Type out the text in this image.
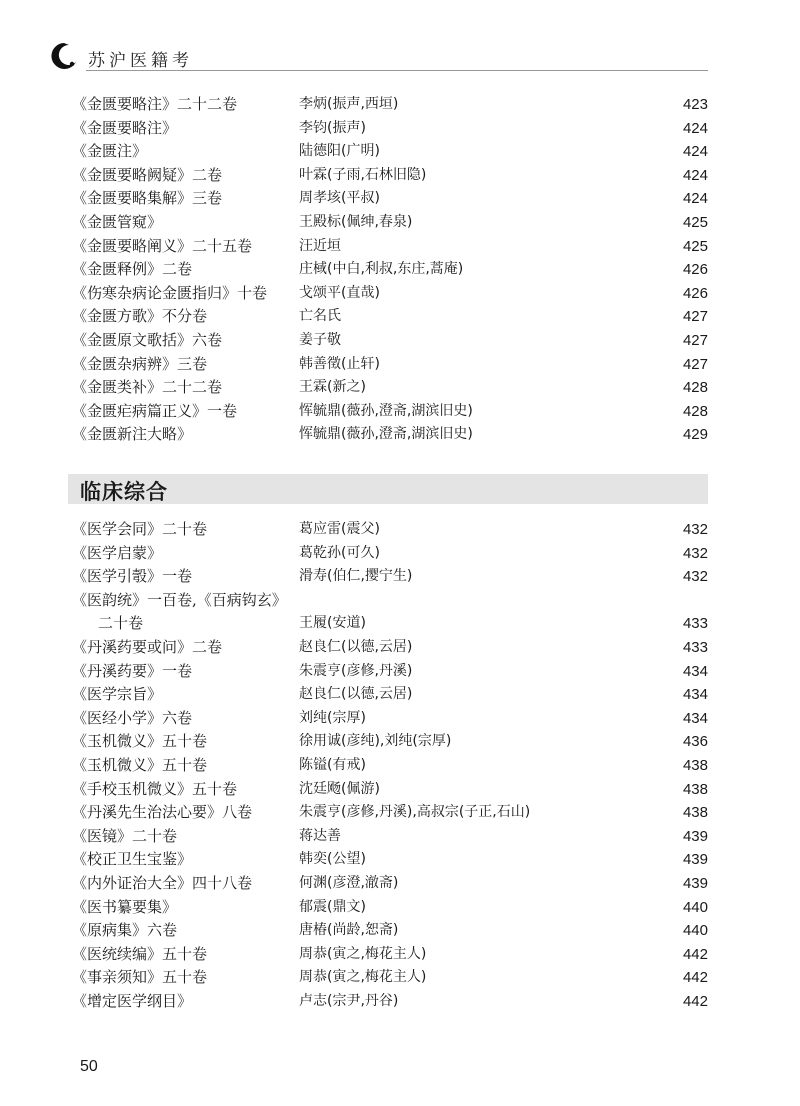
苏沪医籍考
《金匮要略注》二十二卷	李炳(振声,西垣)	423
《金匮要略注》	李钧(振声)	424
《金匮注》	陆德阳(广明)	424
《金匮要略阙疑》二卷	叶霖(子雨,石林旧隐)	424
《金匮要略集解》三卷	周孝垓(平叔)	424
《金匮管窥》	王殿标(佩绅,春泉)	425
《金匮要略阐义》二十五卷	汪近垣	425
《金匮释例》二卷	庄棫(中白,利叔,东庄,蒿庵)	426
《伤寒杂病论金匮指归》十卷 戈颂平(直哉)	426
《金匮方歌》不分卷	亡名氏	427
《金匮原文歌括》六卷	姜子敬	427
《金匮杂病辨》三卷	韩善徵(止轩)	427
《金匮类补》二十二卷	王霖(新之)	428
《金匮疟病篇正义》一卷	恽毓鼎(薇孙,澄斋,湖滨旧史)	428
《金匮新注大略》	恽毓鼎(薇孙,澄斋,湖滨旧史)	429
临床综合
《医学会同》二十卷	葛应雷(震父)	432
《医学启蒙》	葛乾孙(可久)	432
《医学引彀》一卷	滑寿(伯仁,撄宁生)	432
《医韵统》一百卷,《百病钩玄》
二十卷	王履(安道)	433
《丹溪药要或问》二卷	赵良仁(以德,云居)	433
《丹溪药要》一卷	朱震亨(彦修,丹溪)	434
《医学宗旨》	赵良仁(以德,云居)	434
《医经小学》六卷	刘纯(宗厚)	434
《玉机微义》五十卷	徐用诚(彦纯),刘纯(宗厚)	436
《玉机微义》五十卷	陈镒(有戒)	438
《手校玉机微义》五十卷	沈廷飏(佩游)	438
《丹溪先生治法心要》八卷	朱震亨(彦修,丹溪),高叔宗(子正,石山)	438
《医镜》二十卷	蒋达善	439
《校正卫生宝鉴》	韩奕(公望)	439
《内外证治大全》四十八卷	何渊(彦澄,澈斋)	439
《医书纂要集》	郁震(鼎文)	440
《原病集》六卷	唐椿(尚龄,恕斋)	440
《医统续编》五十卷	周恭(寅之,梅花主人)	442
《事亲须知》五十卷	周恭(寅之,梅花主人)	442
《增定医学纲目》	卢志(宗尹,丹谷)	442
50
